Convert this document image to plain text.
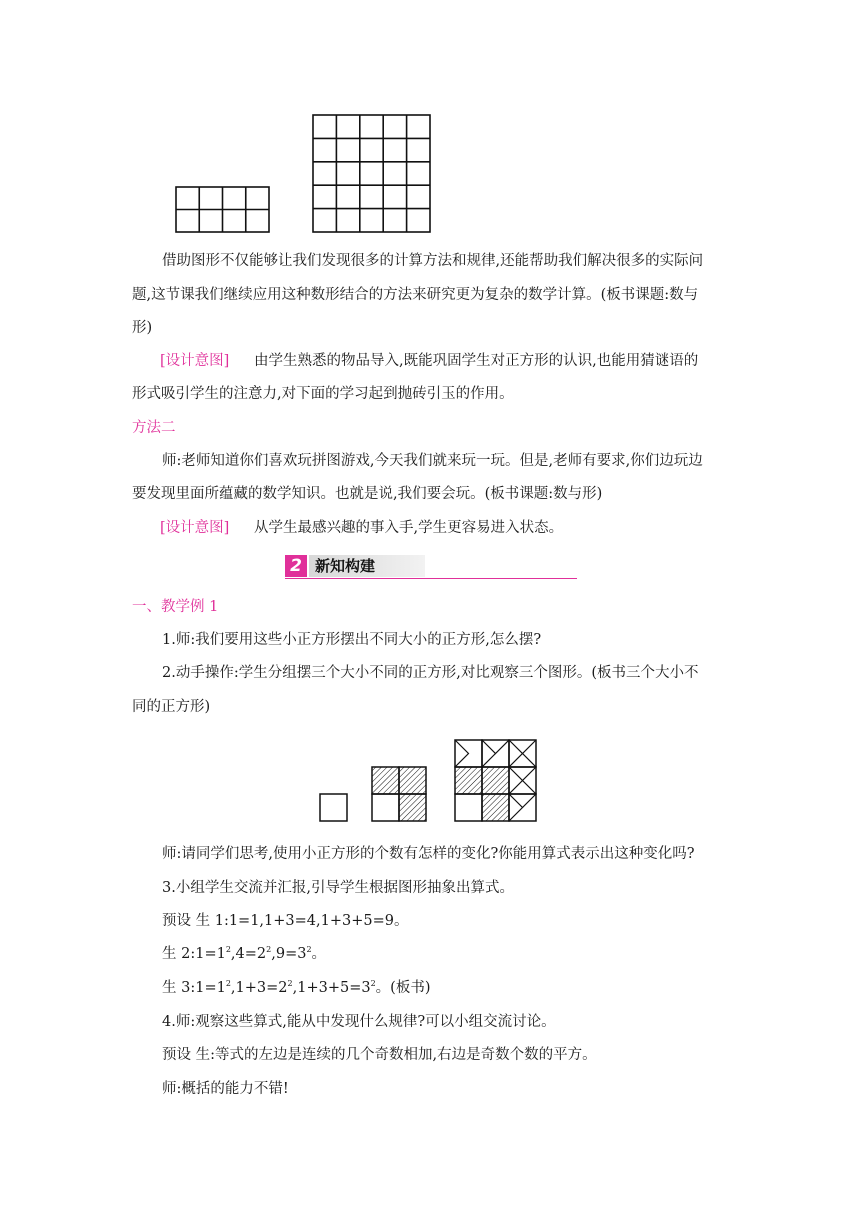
借助图形不仅能够让我们发现很多的计算方法和规律,还能帮助我们解决很多的实际问
题,这节课我们继续应用这种数形结合的方法来研究更为复杂的数学计算。(板书课题:数与
形)
[设计意图] 由学生熟悉的物品导入,既能巩固学生对正方形的认识,也能用猜谜语的
形式吸引学生的注意力,对下面的学习起到抛砖引玉的作用。
方法二
师:老师知道你们喜欢玩拼图游戏,今天我们就来玩一玩。但是,老师有要求,你们边玩边
要发现里面所蕴藏的数学知识。也就是说,我们要会玩。(板书课题:数与形)
[设计意图] 从学生最感兴趣的事入手,学生更容易进入状态。
2 新知构建
一、教学例 1
1.师:我们要用这些小正方形摆出不同大小的正方形,怎么摆?
2.动手操作:学生分组摆三个大小不同的正方形,对比观察三个图形。(板书三个大小不
同的正方形)
师:请同学们思考,使用小正方形的个数有怎样的变化?你能用算式表示出这种变化吗?
3.小组学生交流并汇报,引导学生根据图形抽象出算式。
预设 生 1:1=1,1+3=4,1+3+5=9。
生 $2:1=1^2,4=2^2,9=3^2$。
生 $3:1=1^2,1+3=2^2,1+3+5=3^2$。(板书)
4.师:观察这些算式,能从中发现什么规律?可以小组交流讨论。
预设 生:等式的左边是连续的几个奇数相加,右边是奇数个数的平方。
师:概括的能力不错!
